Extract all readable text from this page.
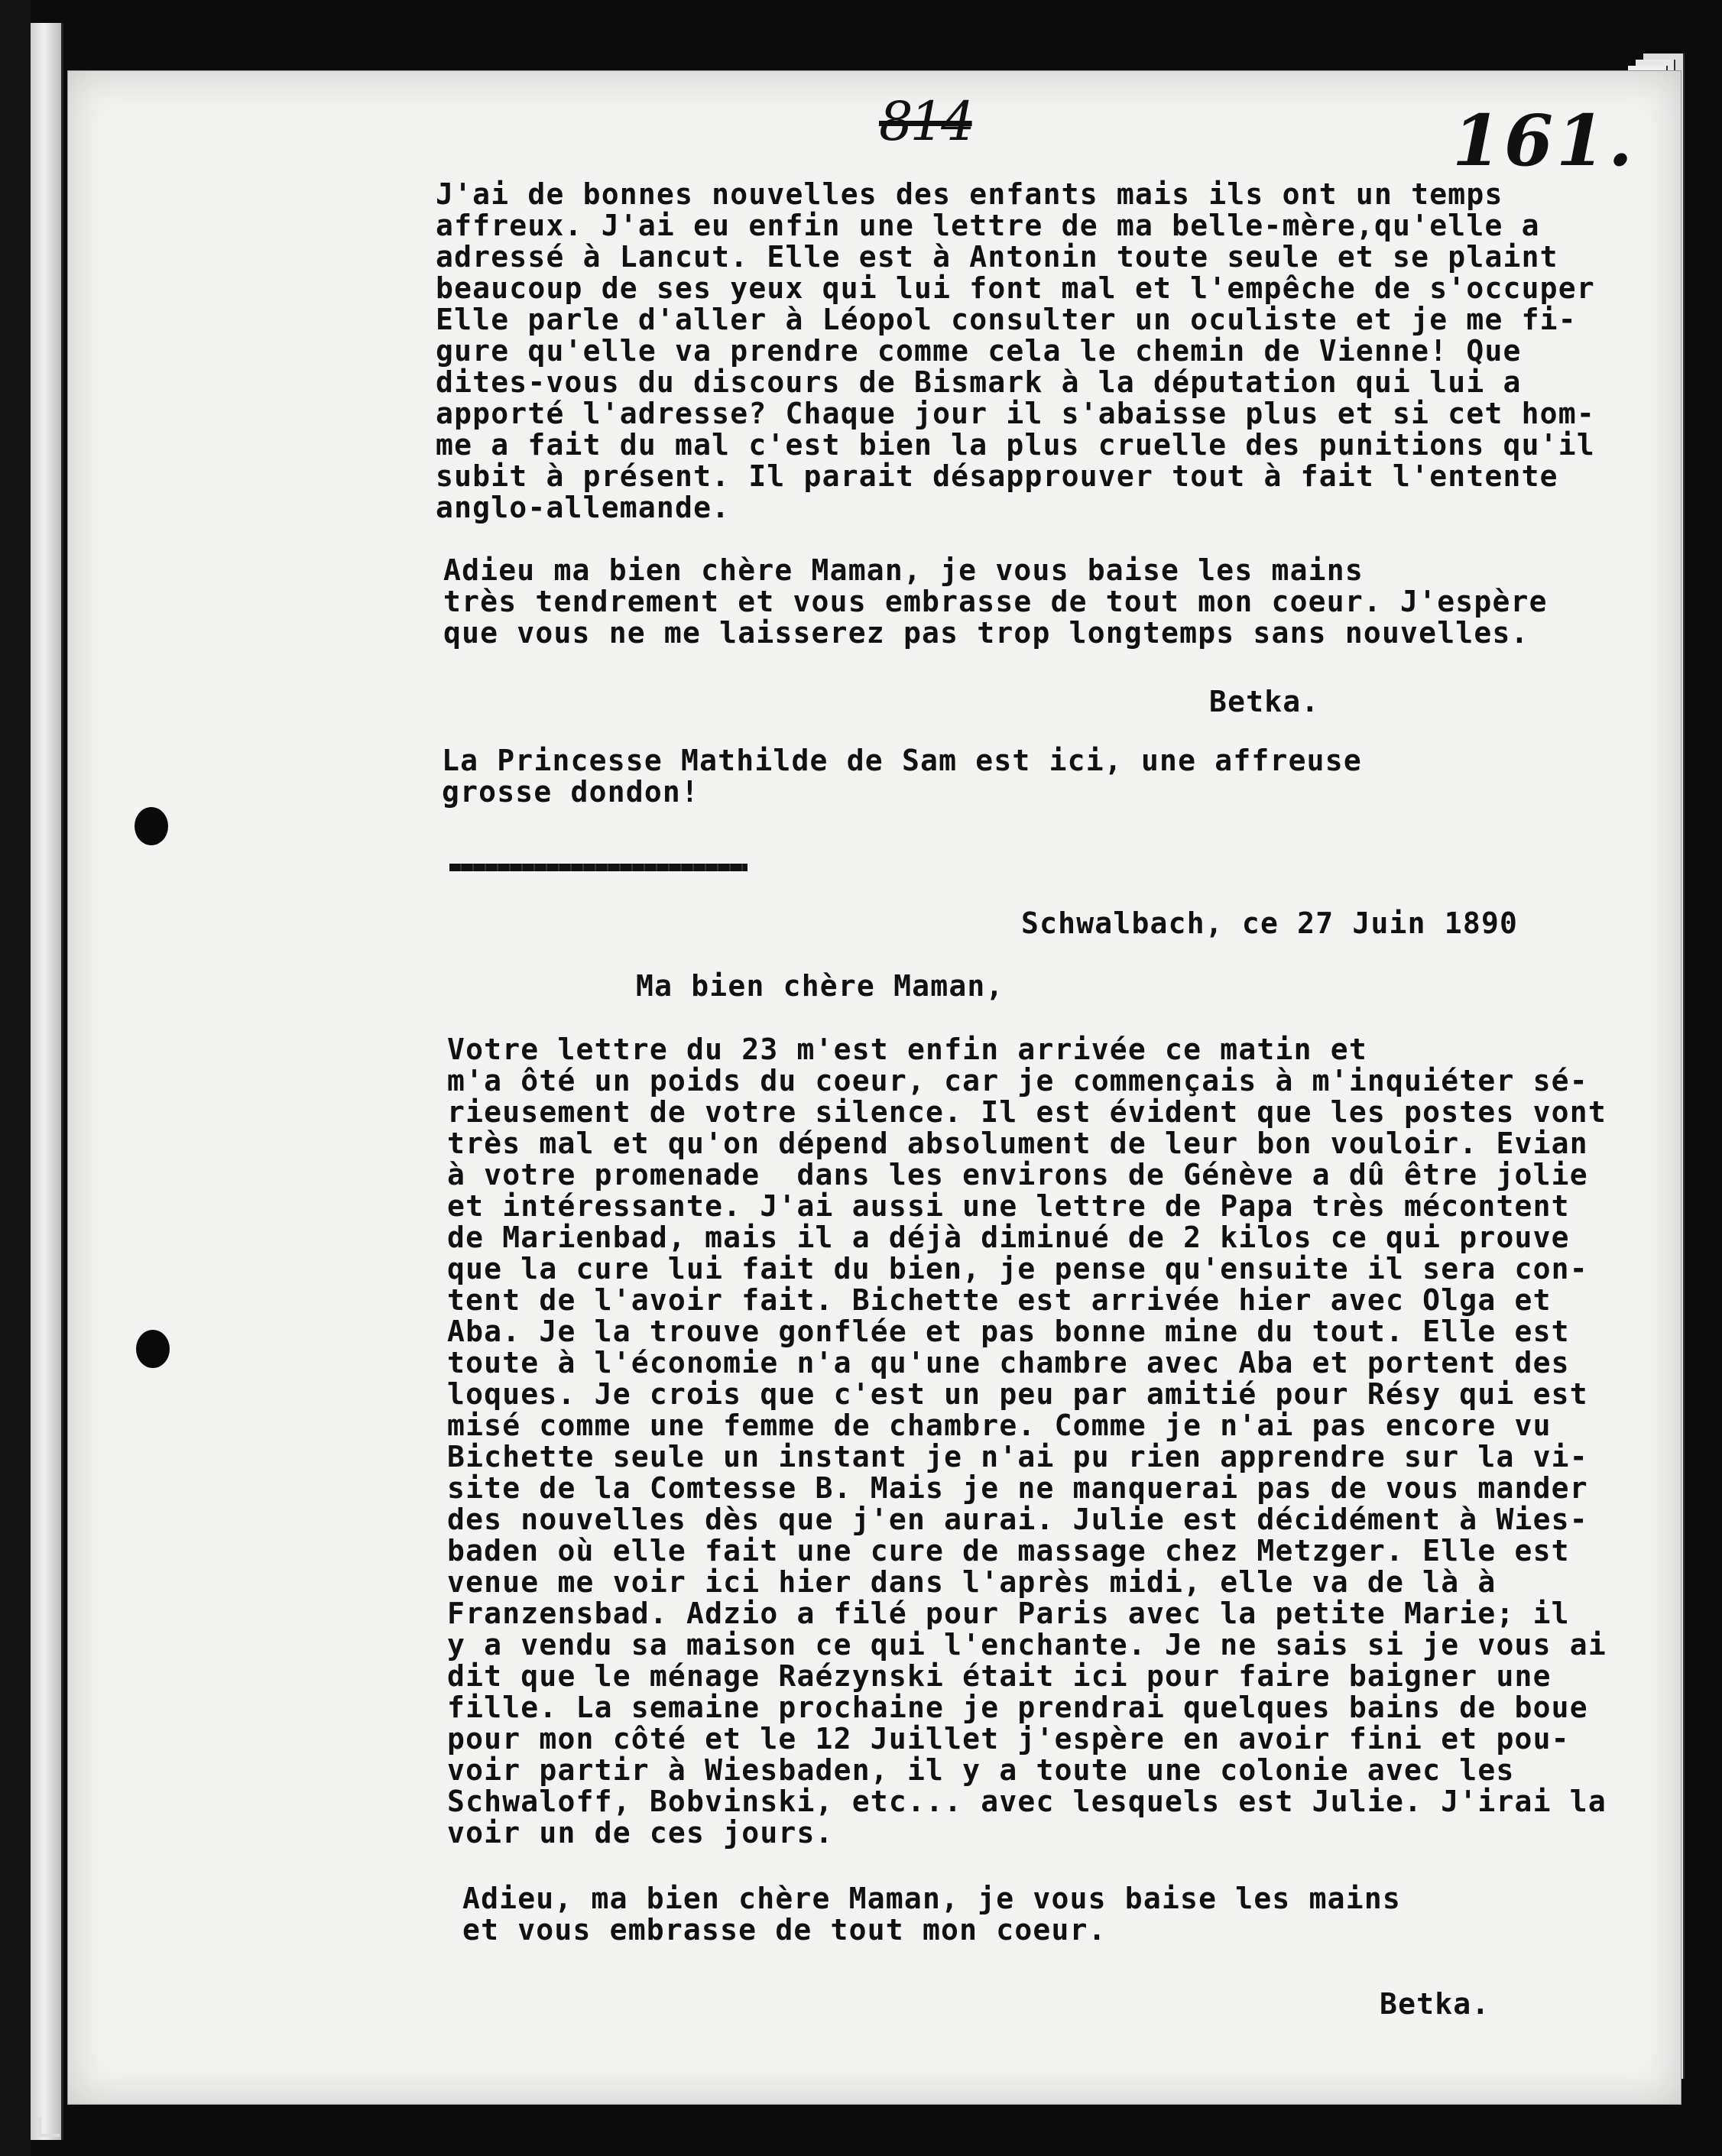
814	161.
J'ai de bonnes nouvelles des enfants mais ils ont un temps
affreux. J'ai eu enfin une lettre de ma belle-mère,qu'elle a
adressé à Lancut. Elle est à Antonin toute seule et se plaint
beaucoup de ses yeux qui lui font mal et l'empêche de s'occuper
Elle parle d'aller à Léopol consulter un oculiste et je me fi-
gure qu'elle va prendre comme cela le chemin de Vienne! Que
dites-vous du discours de Bismark à la députation qui lui a
apporté l'adresse? Chaque jour il s'abaisse plus et si cet hom-
me a fait du mal c'est bien la plus cruelle des punitions qu'il
subit à présent. Il parait désapprouver tout à fait l'entente
anglo-allemande.
Adieu ma bien chère Maman, je vous baise les mains
très tendrement et vous embrasse de tout mon coeur. J'espère
que vous ne me laisserez pas trop longtemps sans nouvelles.
Betka.
La Princesse Mathilde de Sam est ici, une affreuse
grosse dondon!
Schwalbach, ce 27 Juin 1890
Ma bien chère Maman,
Votre lettre du 23 m'est enfin arrivée ce matin et
m'a ôté un poids du coeur, car je commençais à m'inquiéter sé-
rieusement de votre silence. Il est évident que les postes vont
très mal et qu'on dépend absolument de leur bon vouloir. Evian
à votre promenade  dans les environs de Génève a dû être jolie
et intéressante. J'ai aussi une lettre de Papa très mécontent
de Marienbad, mais il a déjà diminué de 2 kilos ce qui prouve
que la cure lui fait du bien, je pense qu'ensuite il sera con-
tent de l'avoir fait. Bichette est arrivée hier avec Olga et
Aba. Je la trouve gonflée et pas bonne mine du tout. Elle est
toute à l'économie n'a qu'une chambre avec Aba et portent des
loques. Je crois que c'est un peu par amitié pour Résy qui est
misé comme une femme de chambre. Comme je n'ai pas encore vu
Bichette seule un instant je n'ai pu rien apprendre sur la vi-
site de la Comtesse B. Mais je ne manquerai pas de vous mander
des nouvelles dès que j'en aurai. Julie est décidément à Wies-
baden où elle fait une cure de massage chez Metzger. Elle est
venue me voir ici hier dans l'après midi, elle va de là à
Franzensbad. Adzio a filé pour Paris avec la petite Marie; il
y a vendu sa maison ce qui l'enchante. Je ne sais si je vous ai
dit que le ménage Raézynski était ici pour faire baigner une
fille. La semaine prochaine je prendrai quelques bains de boue
pour mon côté et le 12 Juillet j'espère en avoir fini et pou-
voir partir à Wiesbaden, il y a toute une colonie avec les
Schwaloff, Bobvinski, etc... avec lesquels est Julie. J'irai la
voir un de ces jours.
Adieu, ma bien chère Maman, je vous baise les mains
et vous embrasse de tout mon coeur.
Betka.
